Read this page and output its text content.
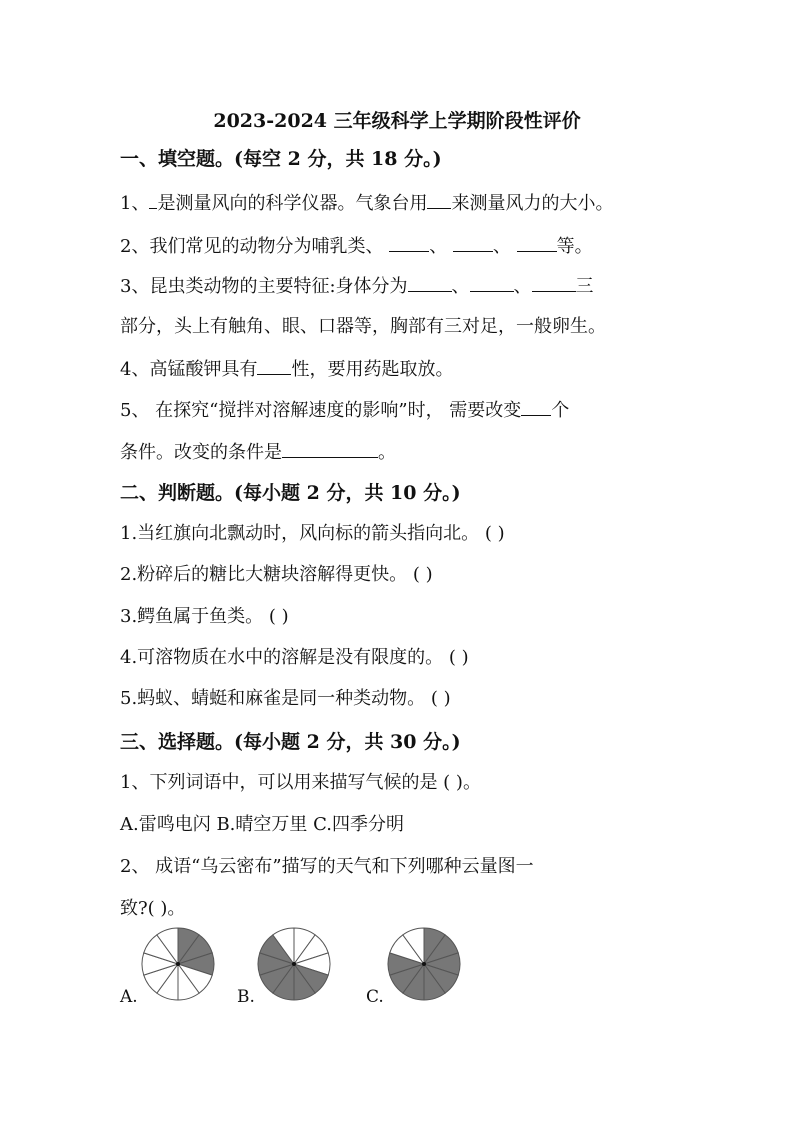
2023-2024 三年级科学上学期阶段性评价
一、填空题。(每空 2 分，共 18 分。)
1、 是测量风向的科学仪器。气象台用 来测量风力的大小。
2、我们常见的动物分为哺乳类、	、	、	等。
3、昆虫类动物的主要特征:身体分为 、 、 三
部分，头上有触角、眼、口器等，胸部有三对足，一般卵生。
4、高锰酸钾具有 性，要用药匙取放。
5、 在探究“搅拌对溶解速度的影响”时， 需要改变 个
条件。改变的条件是	。
二、判断题。(每小题 2 分，共 10 分。)
1.当红旗向北飘动时，风向标的箭头指向北。 ( )
2.粉碎后的糖比大糖块溶解得更快。 ( )
3.鳄鱼属于鱼类。 ( )
4.可溶物质在水中的溶解是没有限度的。 ( )
5.蚂蚁、蜻蜓和麻雀是同一种类动物。 ( )
三、选择题。(每小题 2 分，共 30 分。)
1、下列词语中，可以用来描写气候的是 ( )。
A.雷鸣电闪 B.晴空万里 C.四季分明
2、 成语“乌云密布”描写的天气和下列哪种云量图一
致?( )。
A.	B.	C.
